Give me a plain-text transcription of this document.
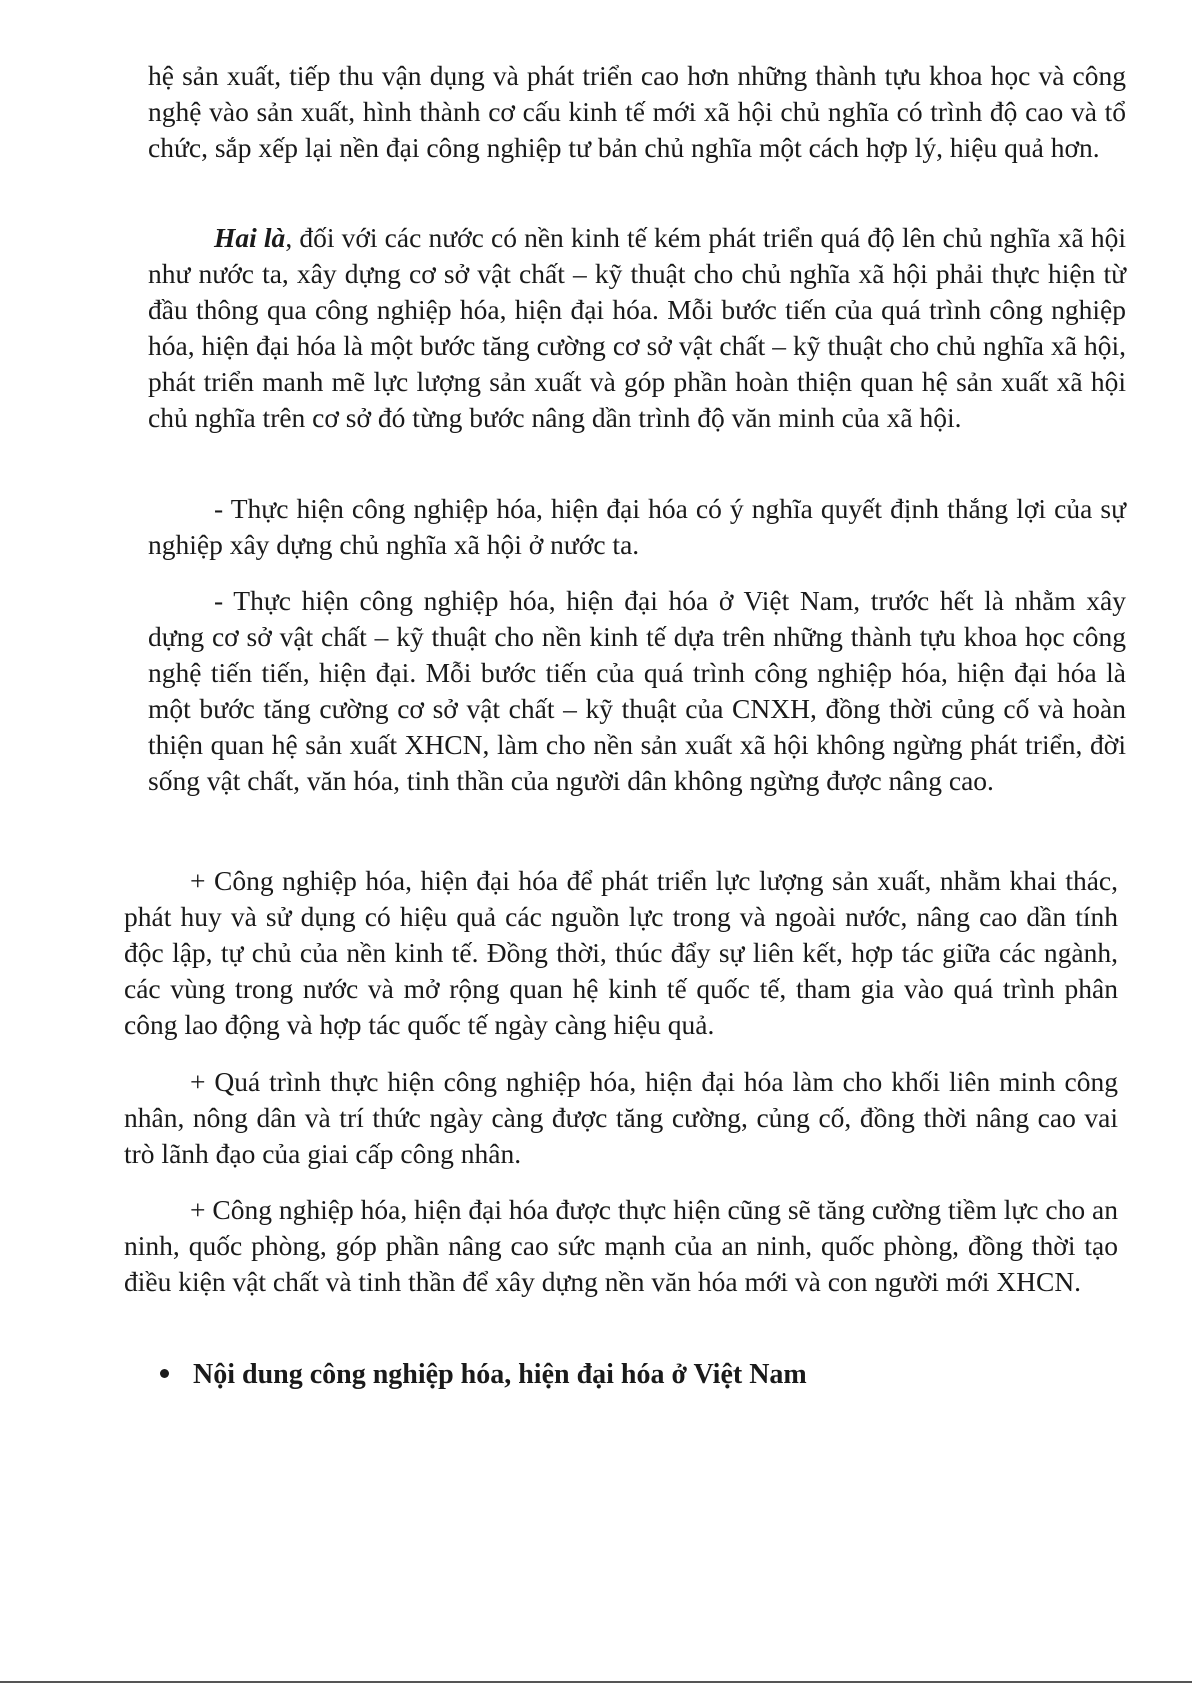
hệ sản xuất, tiếp thu vận dụng và phát triển cao hơn những thành tựu khoa học và công nghệ vào sản xuất, hình thành cơ cấu kinh tế mới xã hội chủ nghĩa có trình độ cao và tổ chức, sắp xếp lại nền đại công nghiệp tư bản chủ nghĩa một cách hợp lý, hiệu quả hơn.

Hai là, đối với các nước có nền kinh tế kém phát triển quá độ lên chủ nghĩa xã hội như nước ta, xây dựng cơ sở vật chất – kỹ thuật cho chủ nghĩa xã hội phải thực hiện từ đầu thông qua công nghiệp hóa, hiện đại hóa. Mỗi bước tiến của quá trình công nghiệp hóa, hiện đại hóa là một bước tăng cường cơ sở vật chất – kỹ thuật cho chủ nghĩa xã hội, phát triển manh mẽ lực lượng sản xuất và góp phần hoàn thiện quan hệ sản xuất xã hội chủ nghĩa trên cơ sở đó từng bước nâng dần trình độ văn minh của xã hội.

- Thực hiện công nghiệp hóa, hiện đại hóa có ý nghĩa quyết định thắng lợi của sự nghiệp xây dựng chủ nghĩa xã hội ở nước ta.

- Thực hiện công nghiệp hóa, hiện đại hóa ở Việt Nam, trước hết là nhằm xây dựng cơ sở vật chất – kỹ thuật cho nền kinh tế dựa trên những thành tựu khoa học công nghệ tiến tiến, hiện đại. Mỗi bước tiến của quá trình công nghiệp hóa, hiện đại hóa là một bước tăng cường cơ sở vật chất – kỹ thuật của CNXH, đồng thời củng cố và hoàn thiện quan hệ sản xuất XHCN, làm cho nền sản xuất xã hội không ngừng phát triển, đời sống vật chất, văn hóa, tinh thần của người dân không ngừng được nâng cao.

+ Công nghiệp hóa, hiện đại hóa để phát triển lực lượng sản xuất, nhằm khai thác, phát huy và sử dụng có hiệu quả các nguồn lực trong và ngoài nước, nâng cao dần tính độc lập, tự chủ của nền kinh tế. Đồng thời, thúc đẩy sự liên kết, hợp tác giữa các ngành, các vùng trong nước và mở rộng quan hệ kinh tế quốc tế, tham gia vào quá trình phân công lao động và hợp tác quốc tế ngày càng hiệu quả.

+ Quá trình thực hiện công nghiệp hóa, hiện đại hóa làm cho khối liên minh công nhân, nông dân và trí thức ngày càng được tăng cường, củng cố, đồng thời nâng cao vai trò lãnh đạo của giai cấp công nhân.

+ Công nghiệp hóa, hiện đại hóa được thực hiện cũng sẽ tăng cường tiềm lực cho an ninh, quốc phòng, góp phần nâng cao sức mạnh của an ninh, quốc phòng, đồng thời tạo điều kiện vật chất và tinh thần để xây dựng nền văn hóa mới và con người mới XHCN.

Nội dung công nghiệp hóa, hiện đại hóa ở Việt Nam
